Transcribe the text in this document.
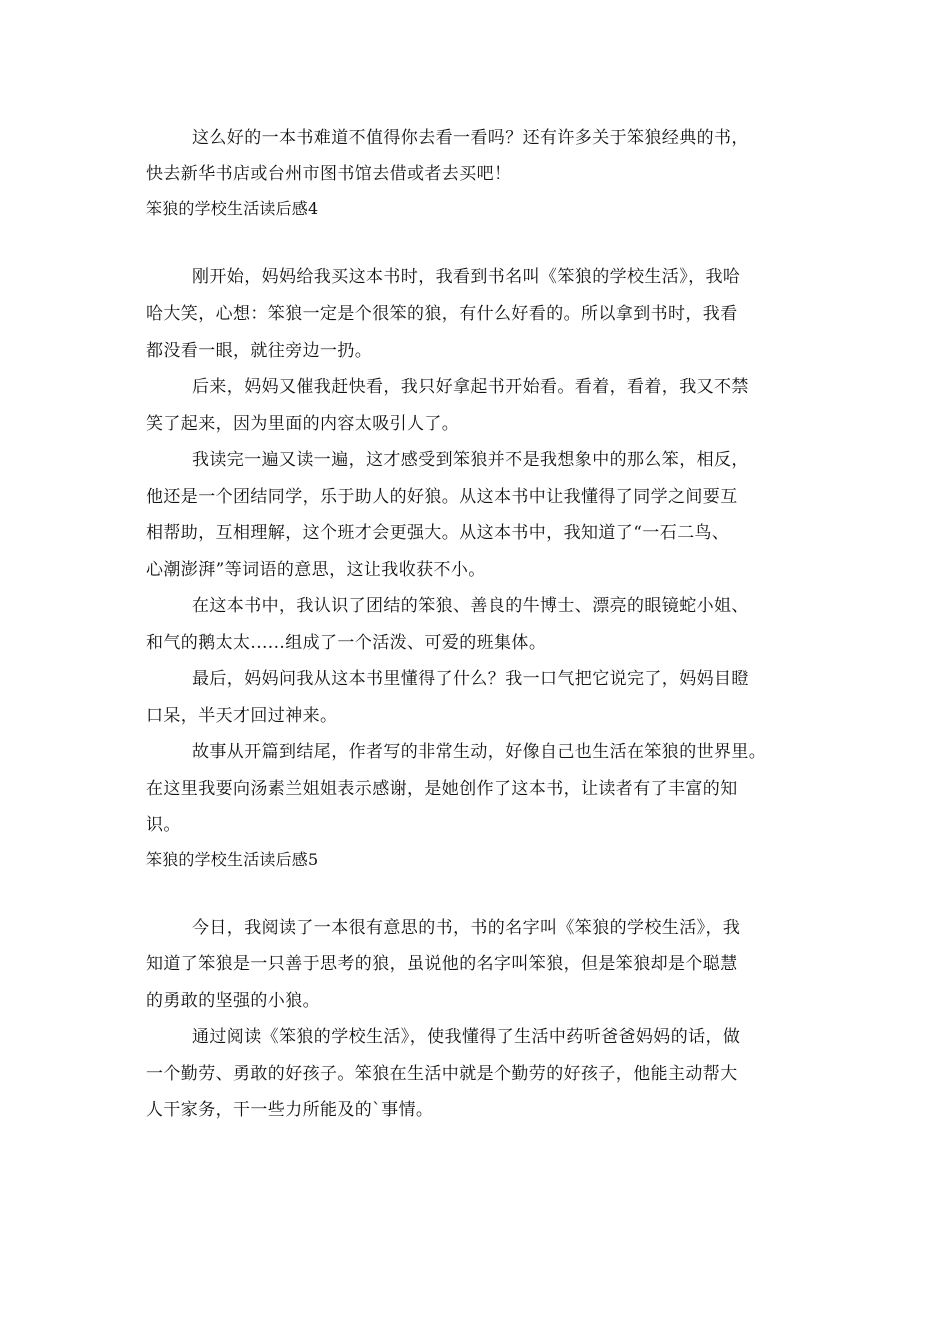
这么好的一本书难道不值得你去看一看吗？还有许多关于笨狼经典的书，
快去新华书店或台州市图书馆去借或者去买吧！
笨狼的学校生活读后感4
刚开始，妈妈给我买这本书时，我看到书名叫《笨狼的学校生活》，我哈
哈大笑，心想：笨狼一定是个很笨的狼，有什么好看的。所以拿到书时，我看
都没看一眼，就往旁边一扔。
后来，妈妈又催我赶快看，我只好拿起书开始看。看着，看着，我又不禁
笑了起来，因为里面的内容太吸引人了。
我读完一遍又读一遍，这才感受到笨狼并不是我想象中的那么笨，相反，
他还是一个团结同学，乐于助人的好狼。从这本书中让我懂得了同学之间要互
相帮助，互相理解，这个班才会更强大。从这本书中，我知道了“一石二鸟、
心潮澎湃”等词语的意思，这让我收获不小。
在这本书中，我认识了团结的笨狼、善良的牛博士、漂亮的眼镜蛇小姐、
和气的鹅太太......组成了一个活泼、可爱的班集体。
最后，妈妈问我从这本书里懂得了什么？我一口气把它说完了，妈妈目瞪
口呆，半天才回过神来。
故事从开篇到结尾，作者写的非常生动，好像自己也生活在笨狼的世界里。
在这里我要向汤素兰姐姐表示感谢，是她创作了这本书，让读者有了丰富的知
识。
笨狼的学校生活读后感5
今日，我阅读了一本很有意思的书，书的名字叫《笨狼的学校生活》，我
知道了笨狼是一只善于思考的狼，虽说他的名字叫笨狼，但是笨狼却是个聪慧
的勇敢的坚强的小狼。
通过阅读《笨狼的学校生活》，使我懂得了生活中药听爸爸妈妈的话，做
一个勤劳、勇敢的好孩子。笨狼在生活中就是个勤劳的好孩子，他能主动帮大
人干家务，干一些力所能及的`事情。
